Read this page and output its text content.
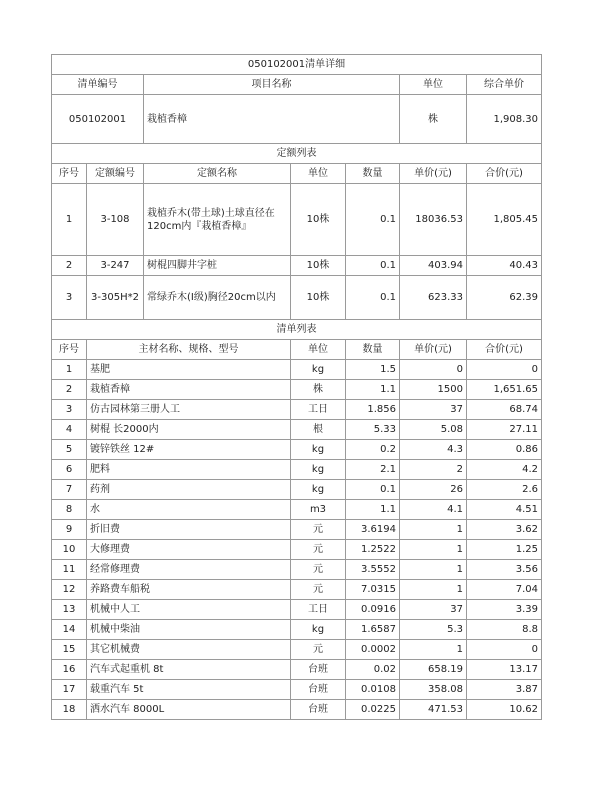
050102001清单详细						
清单编号		项目名称			单位	综合单价
050102001		栽植香樟			株	1,908.30
定额列表						
序号	定额编号	定额名称	单位	数量	单价(元)	合价(元)
1	3-108	栽植乔木(带土球)土球直径在120cm内『栽植香樟』	10株	0.1	18036.53	1,805.45
2	3-247	树棍四脚井字桩	10株	0.1	403.94	40.43
3	3-305H*2	常绿乔木(I级)胸径20cm以内	10株	0.1	623.33	62.39
清单列表						
序号	主材名称、规格、型号		单位	数量	单价(元)	合价(元)
1	基肥		kg	1.5	0	0
2	栽植香樟		株	1.1	1500	1,651.65
3	仿古园林第三册人工		工日	1.856	37	68.74
4	树棍 长2000内		根	5.33	5.08	27.11
5	镀锌铁丝 12#		kg	0.2	4.3	0.86
6	肥料		kg	2.1	2	4.2
7	药剂		kg	0.1	26	2.6
8	水		m3	1.1	4.1	4.51
9	折旧费		元	3.6194	1	3.62
10	大修理费		元	1.2522	1	1.25
11	经常修理费		元	3.5552	1	3.56
12	养路费车船税		元	7.0315	1	7.04
13	机械中人工		工日	0.0916	37	3.39
14	机械中柴油		kg	1.6587	5.3	8.8
15	其它机械费		元	0.0002	1	0
16	汽车式起重机 8t		台班	0.02	658.19	13.17
17	载重汽车 5t		台班	0.0108	358.08	3.87
18	洒水汽车 8000L		台班	0.0225	471.53	10.62
